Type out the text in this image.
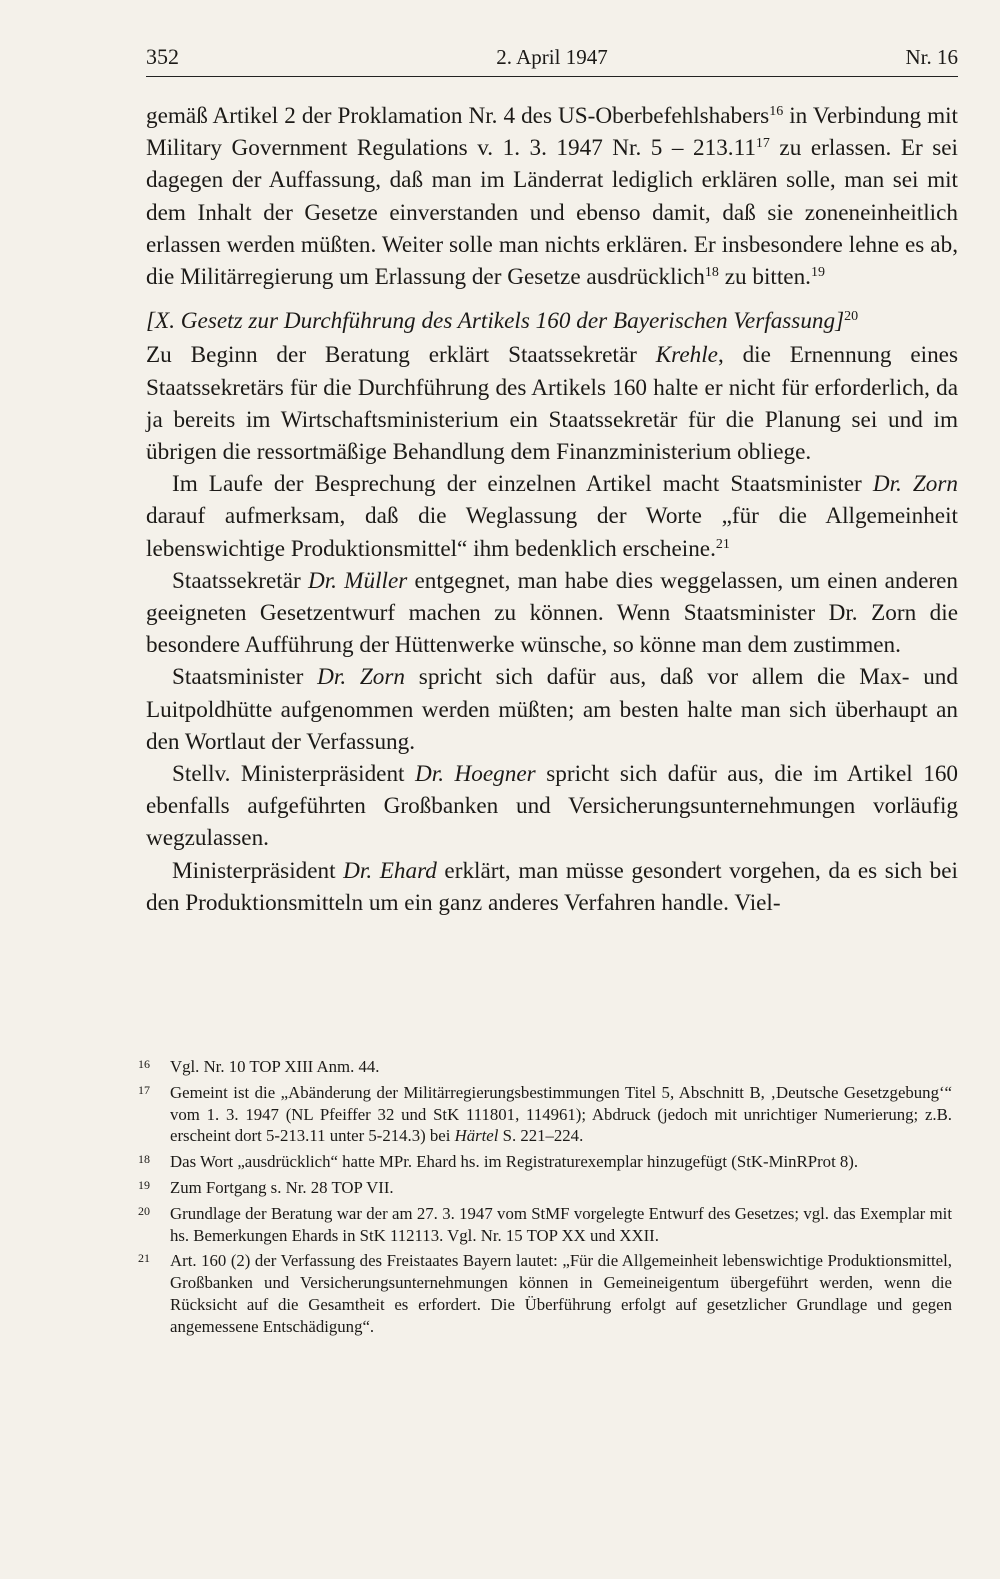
352	2. April 1947	Nr. 16

gemäß Artikel 2 der Proklamation Nr. 4 des US-Oberbefehlshabers$^{16}$ in Verbindung mit Military Government Regulations v. 1. 3. 1947 Nr. 5 – 213.11$^{17}$ zu erlassen. Er sei dagegen der Auffassung, daß man im Länderrat lediglich erklären solle, man sei mit dem Inhalt der Gesetze einverstanden und ebenso damit, daß sie zoneneinheitlich erlassen werden müßten. Weiter solle man nichts erklären. Er insbesondere lehne es ab, die Militärregierung um Erlassung der Gesetze ausdrücklich$^{18}$ zu bitten.$^{19}$

[X. Gesetz zur Durchführung des Artikels 160 der Bayerischen Verfassung]$^{20}$

Zu Beginn der Beratung erklärt Staatssekretär Krehle, die Ernennung eines Staatssekretärs für die Durchführung des Artikels 160 halte er nicht für erforderlich, da ja bereits im Wirtschaftsministerium ein Staatssekretär für die Planung sei und im übrigen die ressortmäßige Behandlung dem Finanzministerium obliege.

Im Laufe der Besprechung der einzelnen Artikel macht Staatsminister Dr. Zorn darauf aufmerksam, daß die Weglassung der Worte „für die Allgemeinheit lebenswichtige Produktionsmittel“ ihm bedenklich erscheine.$^{21}$

Staatssekretär Dr. Müller entgegnet, man habe dies weggelassen, um einen anderen geeigneten Gesetzentwurf machen zu können. Wenn Staatsminister Dr. Zorn die besondere Aufführung der Hüttenwerke wünsche, so könne man dem zustimmen.

Staatsminister Dr. Zorn spricht sich dafür aus, daß vor allem die Max- und Luitpoldhütte aufgenommen werden müßten; am besten halte man sich überhaupt an den Wortlaut der Verfassung.

Stellv. Ministerpräsident Dr. Hoegner spricht sich dafür aus, die im Artikel 160 ebenfalls aufgeführten Großbanken und Versicherungsunternehmungen vorläufig wegzulassen.

Ministerpräsident Dr. Ehard erklärt, man müsse gesondert vorgehen, da es sich bei den Produktionsmitteln um ein ganz anderes Verfahren handle. Viel-

16 Vgl. Nr. 10 TOP XIII Anm. 44.
17 Gemeint ist die „Abänderung der Militärregierungsbestimmungen Titel 5, Abschnitt B, ‚Deutsche Gesetzgebung‘“ vom 1. 3. 1947 (NL Pfeiffer 32 und StK 111801, 114961); Abdruck (jedoch mit unrichtiger Numerierung; z.B. erscheint dort 5-213.11 unter 5-214.3) bei Härtel S. 221–224.
18 Das Wort „ausdrücklich“ hatte MPr. Ehard hs. im Registraturexemplar hinzugefügt (StK-MinRProt 8).
19 Zum Fortgang s. Nr. 28 TOP VII.
20 Grundlage der Beratung war der am 27. 3. 1947 vom StMF vorgelegte Entwurf des Gesetzes; vgl. das Exemplar mit hs. Bemerkungen Ehards in StK 112113. Vgl. Nr. 15 TOP XX und XXII.
21 Art. 160 (2) der Verfassung des Freistaates Bayern lautet: „Für die Allgemeinheit lebenswichtige Produktionsmittel, Großbanken und Versicherungsunternehmungen können in Gemeineigentum übergeführt werden, wenn die Rücksicht auf die Gesamtheit es erfordert. Die Überführung erfolgt auf gesetzlicher Grundlage und gegen angemessene Entschädigung“.
